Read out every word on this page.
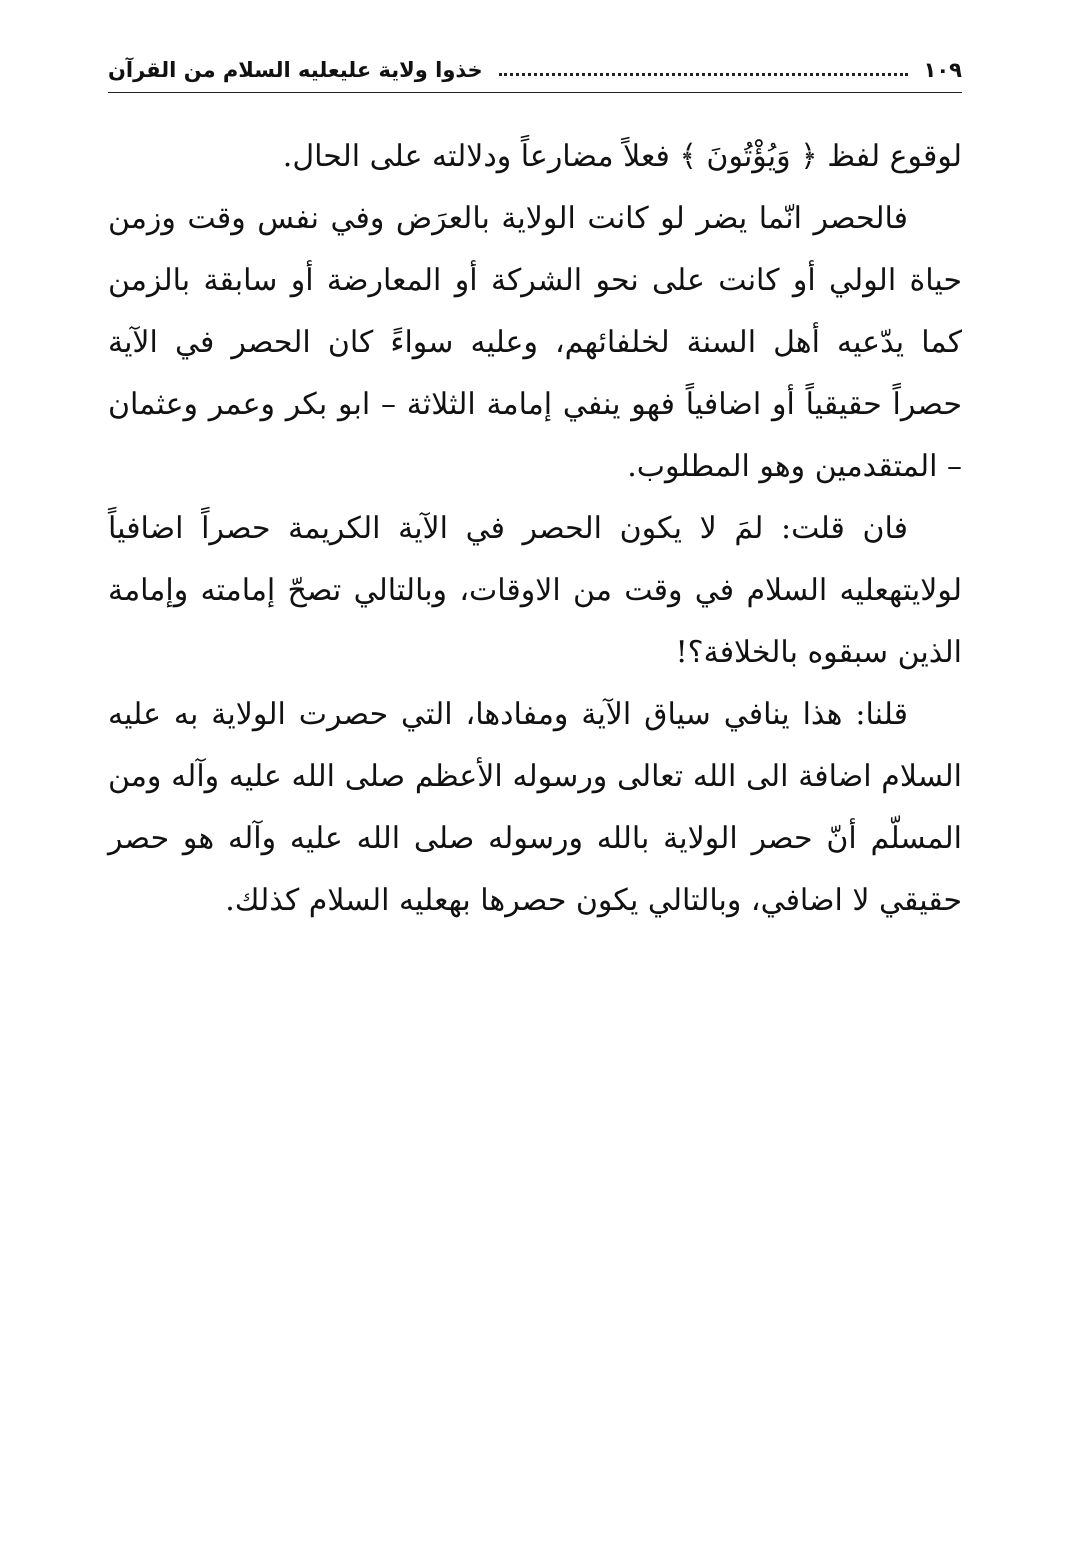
١٠٩
خذوا ولاية عليعليه السلام من القرآن

لوقوع لفظ ﴿ وَيُؤْتُونَ ﴾ فعلاً مضارعاً ودلالته على الحال.

فالحصر انّما يضر لو كانت الولاية بالعرَض وفي نفس وقت وزمن حياة الولي أو كانت على نحو الشركة أو المعارضة أو سابقة بالزمن كما يدّعيه أهل السنة لخلفائهم، وعليه سواءً كان الحصر في الآية حصراً حقيقياً أو اضافياً فهو ينفي إمامة الثلاثة – ابو بكر وعمر وعثمان – المتقدمين وهو المطلوب.

فان قلت: لمَ لا يكون الحصر في الآية الكريمة حصراً اضافياً لولايتهعليه السلام في وقت من الاوقات، وبالتالي تصحّ إمامته وإمامة الذين سبقوه بالخلافة؟!

قلنا: هذا ينافي سياق الآية ومفادها، التي حصرت الولاية به عليه السلام اضافة الى الله تعالى ورسوله الأعظم صلى الله عليه وآله ومن المسلّم أنّ حصر الولاية بالله ورسوله صلى الله عليه وآله هو حصر حقيقي لا اضافي، وبالتالي يكون حصرها بهعليه السلام كذلك.
